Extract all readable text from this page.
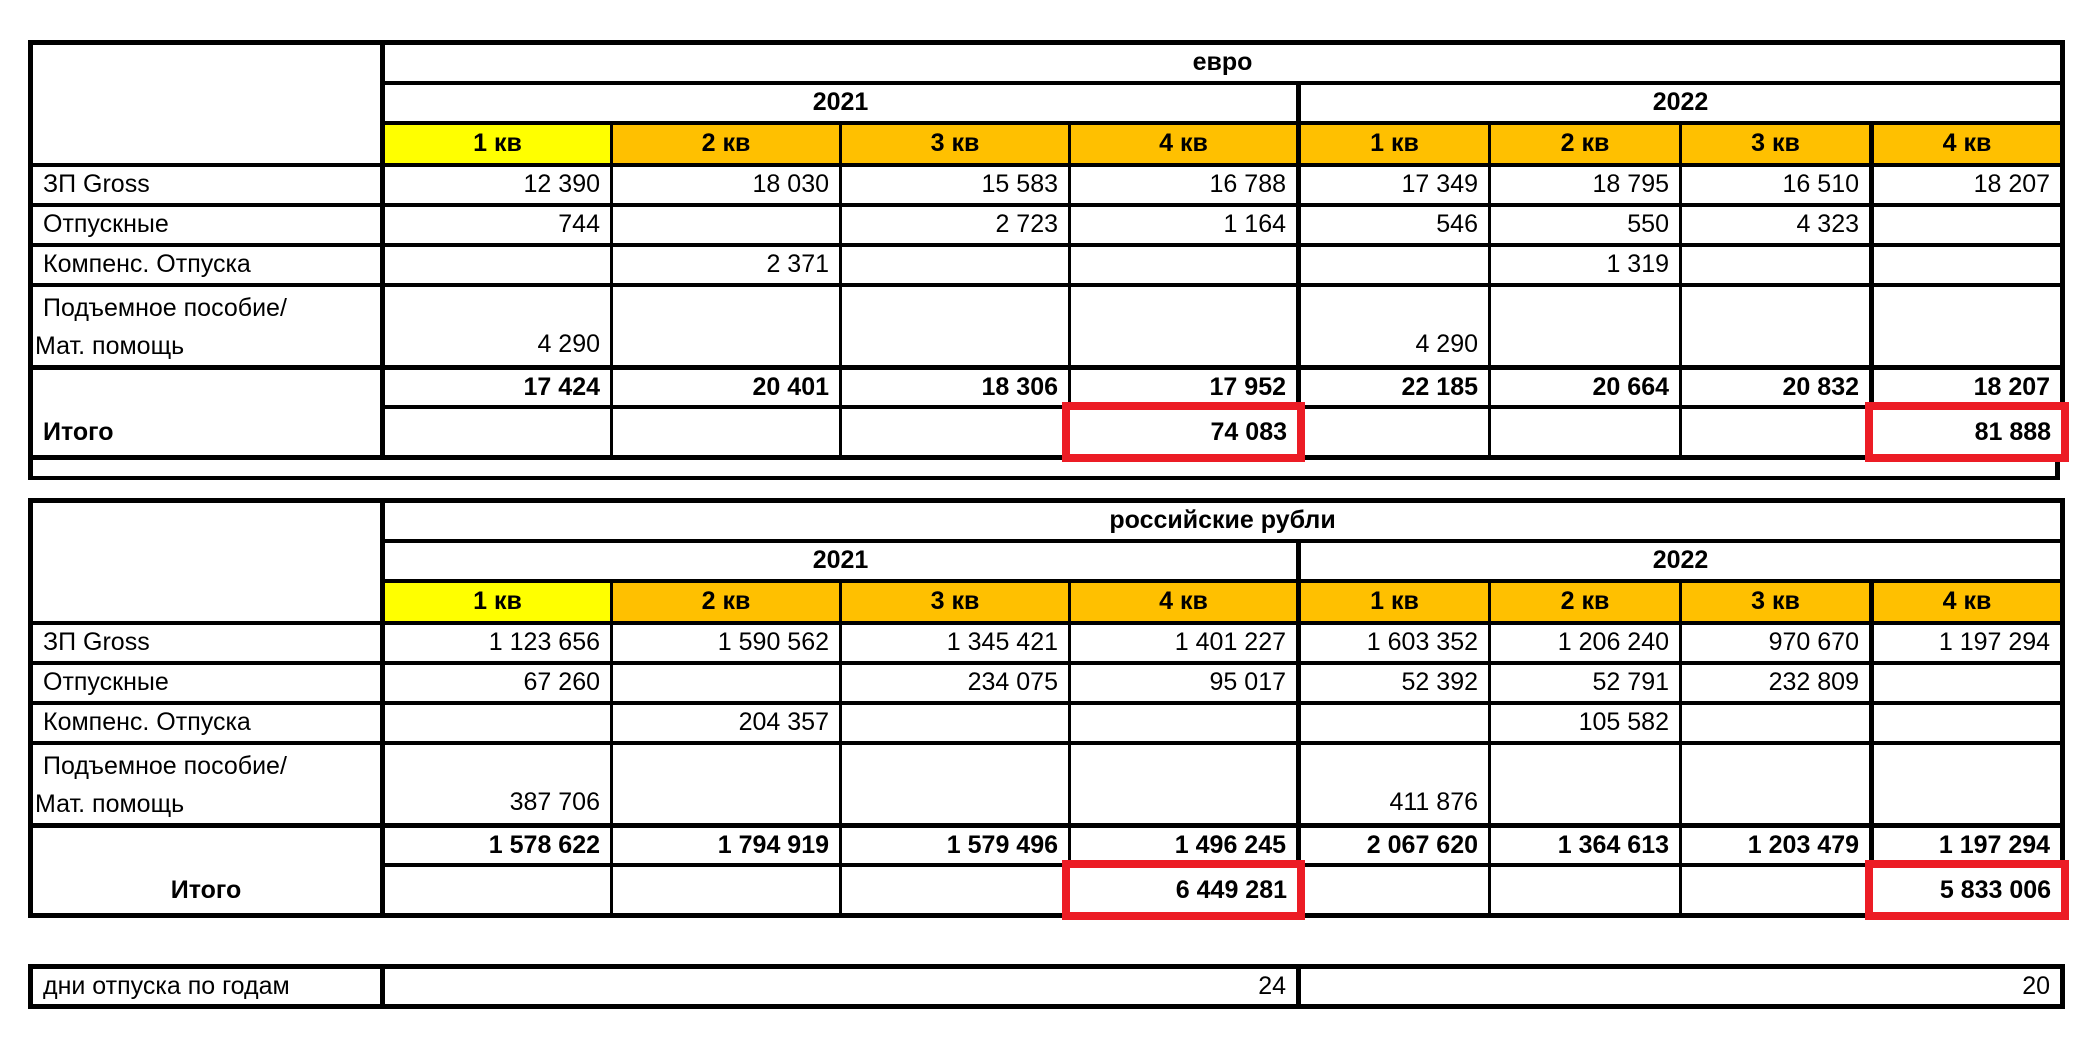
	евро							
	2021				2022			
	1 кв	2 кв	3 кв	4 кв	1 кв	2 кв	3 кв	4 кв
ЗП Gross	12 390	18 030	15 583	16 788	17 349	18 795	16 510	18 207
Отпускные	744		2 723	1 164	546	550	4 323	
Компенс. Отпуска		2 371				1 319		

Подъемное пособие/
Мат. помощь	4 290				4 290			
Итого	17 424	20 401	18 306	17 952	22 185	20 664	20 832	18 207

				74 083				81 888
	российские рубли							
	2021				2022			
	1 кв	2 кв	3 кв	4 кв	1 кв	2 кв	3 кв	4 кв
ЗП Gross	1 123 656	1 590 562	1 345 421	1 401 227	1 603 352	1 206 240	970 670	1 197 294
Отпускные	67 260		234 075	95 017	52 392	52 791	232 809	
Компенс. Отпуска		204 357				105 582		

Подъемное пособие/
Мат. помощь	387 706				411 876			
Итого	1 578 622	1 794 919	1 579 496	1 496 245	2 067 620	1 364 613	1 203 479	1 197 294

				6 449 281				5 833 006
дни отпуска по годам	24	20
